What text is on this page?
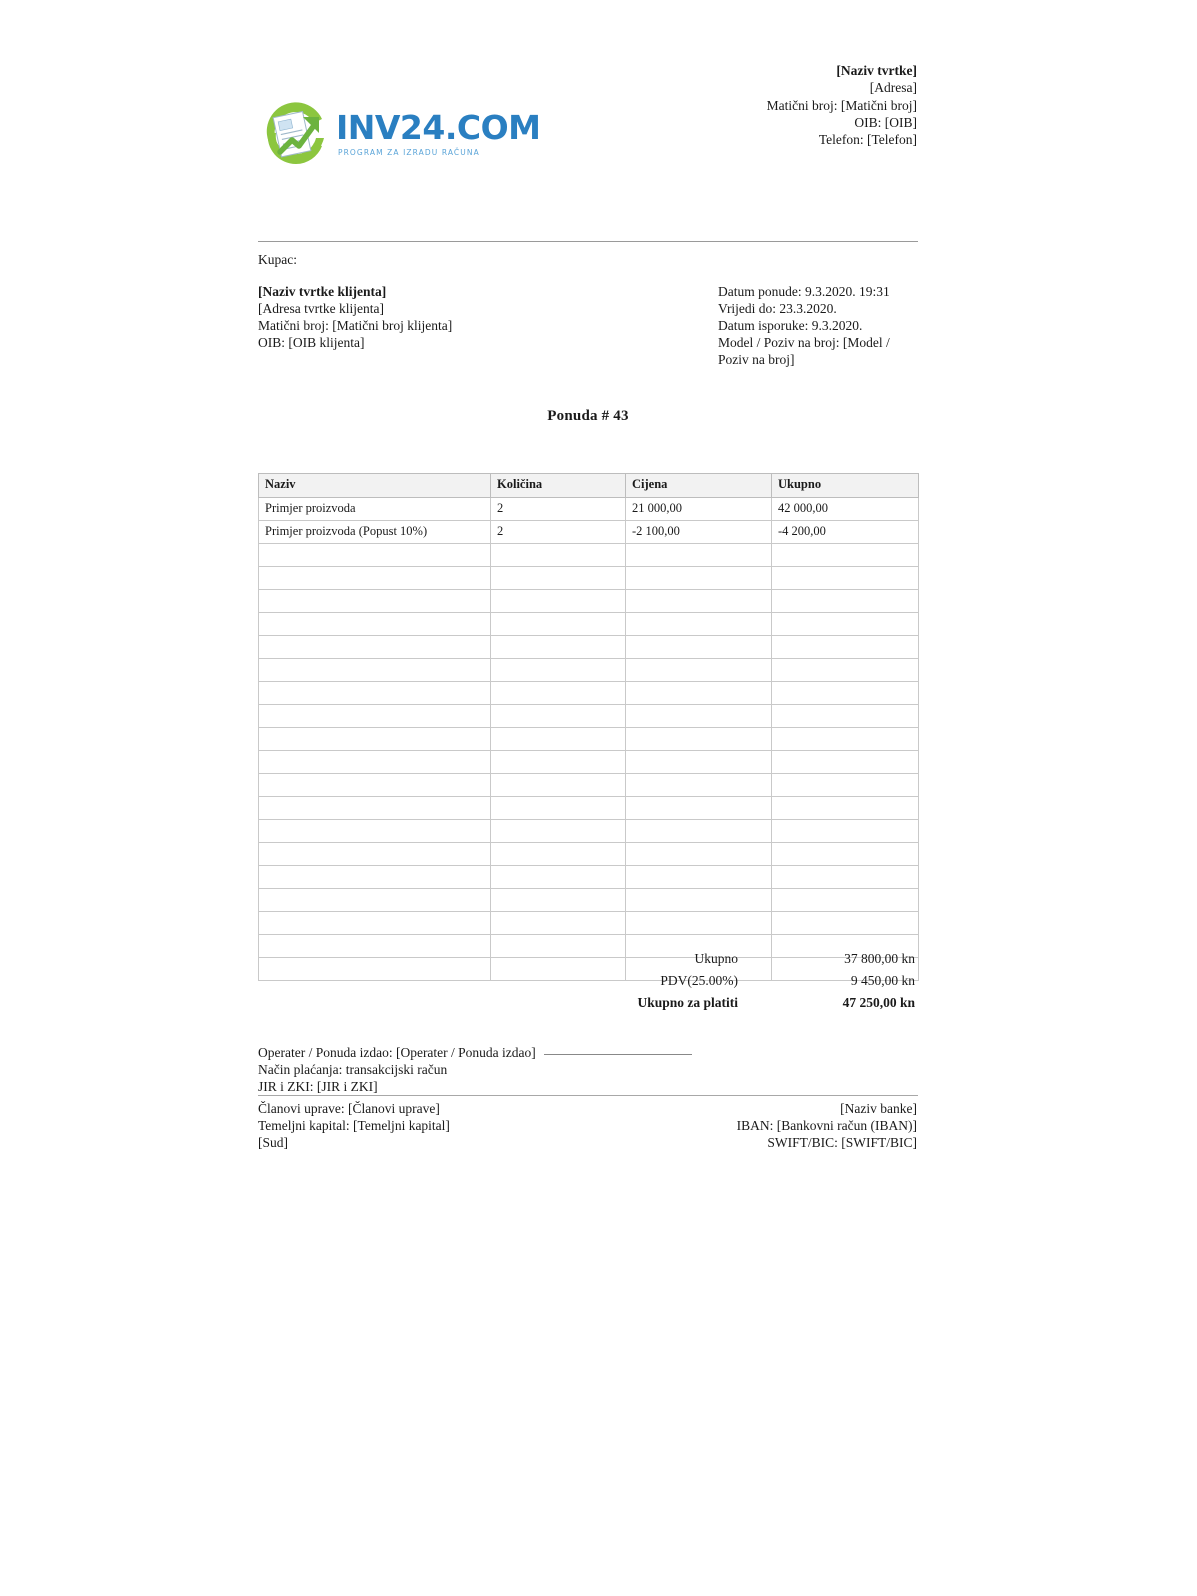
INV24.COM
PROGRAM ZA IZRADU RAČUNA
[Naziv tvrtke]
[Adresa]
Matični broj: [Matični broj]
OIB: [OIB]
Telefon: [Telefon]
Kupac:
[Naziv tvrtke klijenta]
[Adresa tvrtke klijenta]
Matični broj: [Matični broj klijenta]
OIB: [OIB klijenta]
Datum ponude: 9.3.2020. 19:31
Vrijedi do: 23.3.2020.
Datum isporuke: 9.3.2020.
Model / Poziv na broj: [Model / Poziv na broj]
Ponuda # 43
Naziv	Količina	Cijena	Ukupno
Primjer proizvoda	2	21 000,00	42 000,00
Primjer proizvoda (Popust 10%)	2	-2 100,00	-4 200,00

Ukupno	37 800,00 kn
PDV(25.00%)	9 450,00 kn
Ukupno za platiti	47 250,00 kn
Operater / Ponuda izdao: [Operater / Ponuda izdao]
Način plaćanja: transakcijski račun
JIR i ZKI: [JIR i ZKI]
Članovi uprave: [Članovi uprave]
Temeljni kapital: [Temeljni kapital]
[Sud]
[Naziv banke]
IBAN: [Bankovni račun (IBAN)]
SWIFT/BIC: [SWIFT/BIC]
